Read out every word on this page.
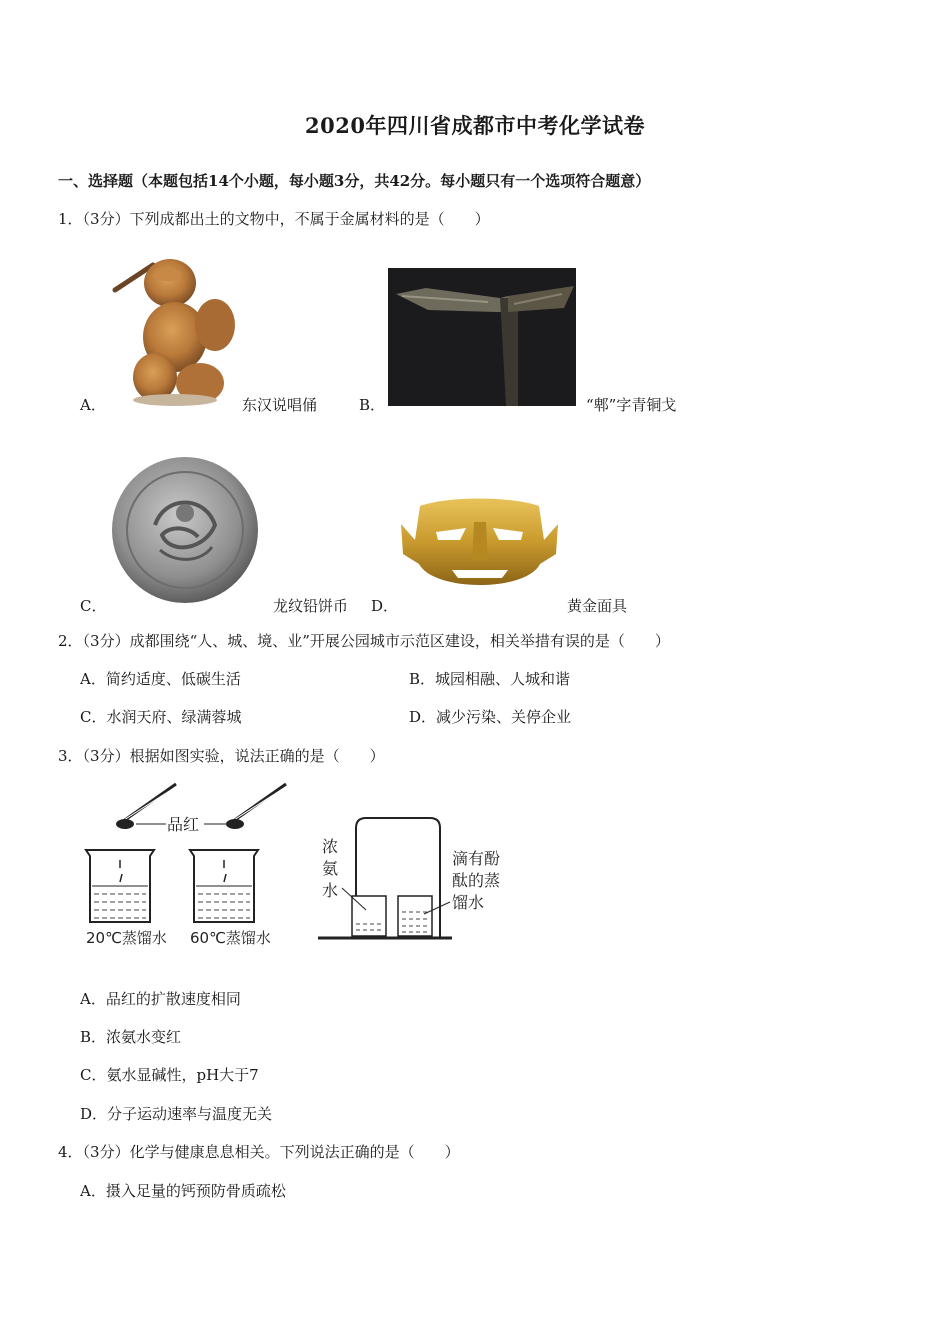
2020年四川省成都市中考化学试卷
一、选择题（本题包括14个小题，每小题3分，共42分。每小题只有一个选项符合题意）
1．（3分）下列成都出土的文物中，不属于金属材料的是（　　）
A．	东汉说唱俑	B．	“郫”字青铜戈
C．	龙纹铅饼币 D．	黄金面具
2．（3分）成都围绕“人、城、境、业”开展公园城市示范区建设，相关举措有误的是（　　）
A．简约适度、低碳生活	B．城园相融、人城和谐
C．水润天府、绿满蓉城	D．减少污染、关停企业
3．（3分）根据如图实验，说法正确的是（　　）
品红
20℃蒸馏水 60℃蒸馏水
浓
氨
水
滴有酚
酞的蒸
馏水
A．品红的扩散速度相同
B．浓氨水变红
C．氨水显碱性，pH大于7
D．分子运动速率与温度无关
4．（3分）化学与健康息息相关。下列说法正确的是（　　）
A．摄入足量的钙预防骨质疏松
